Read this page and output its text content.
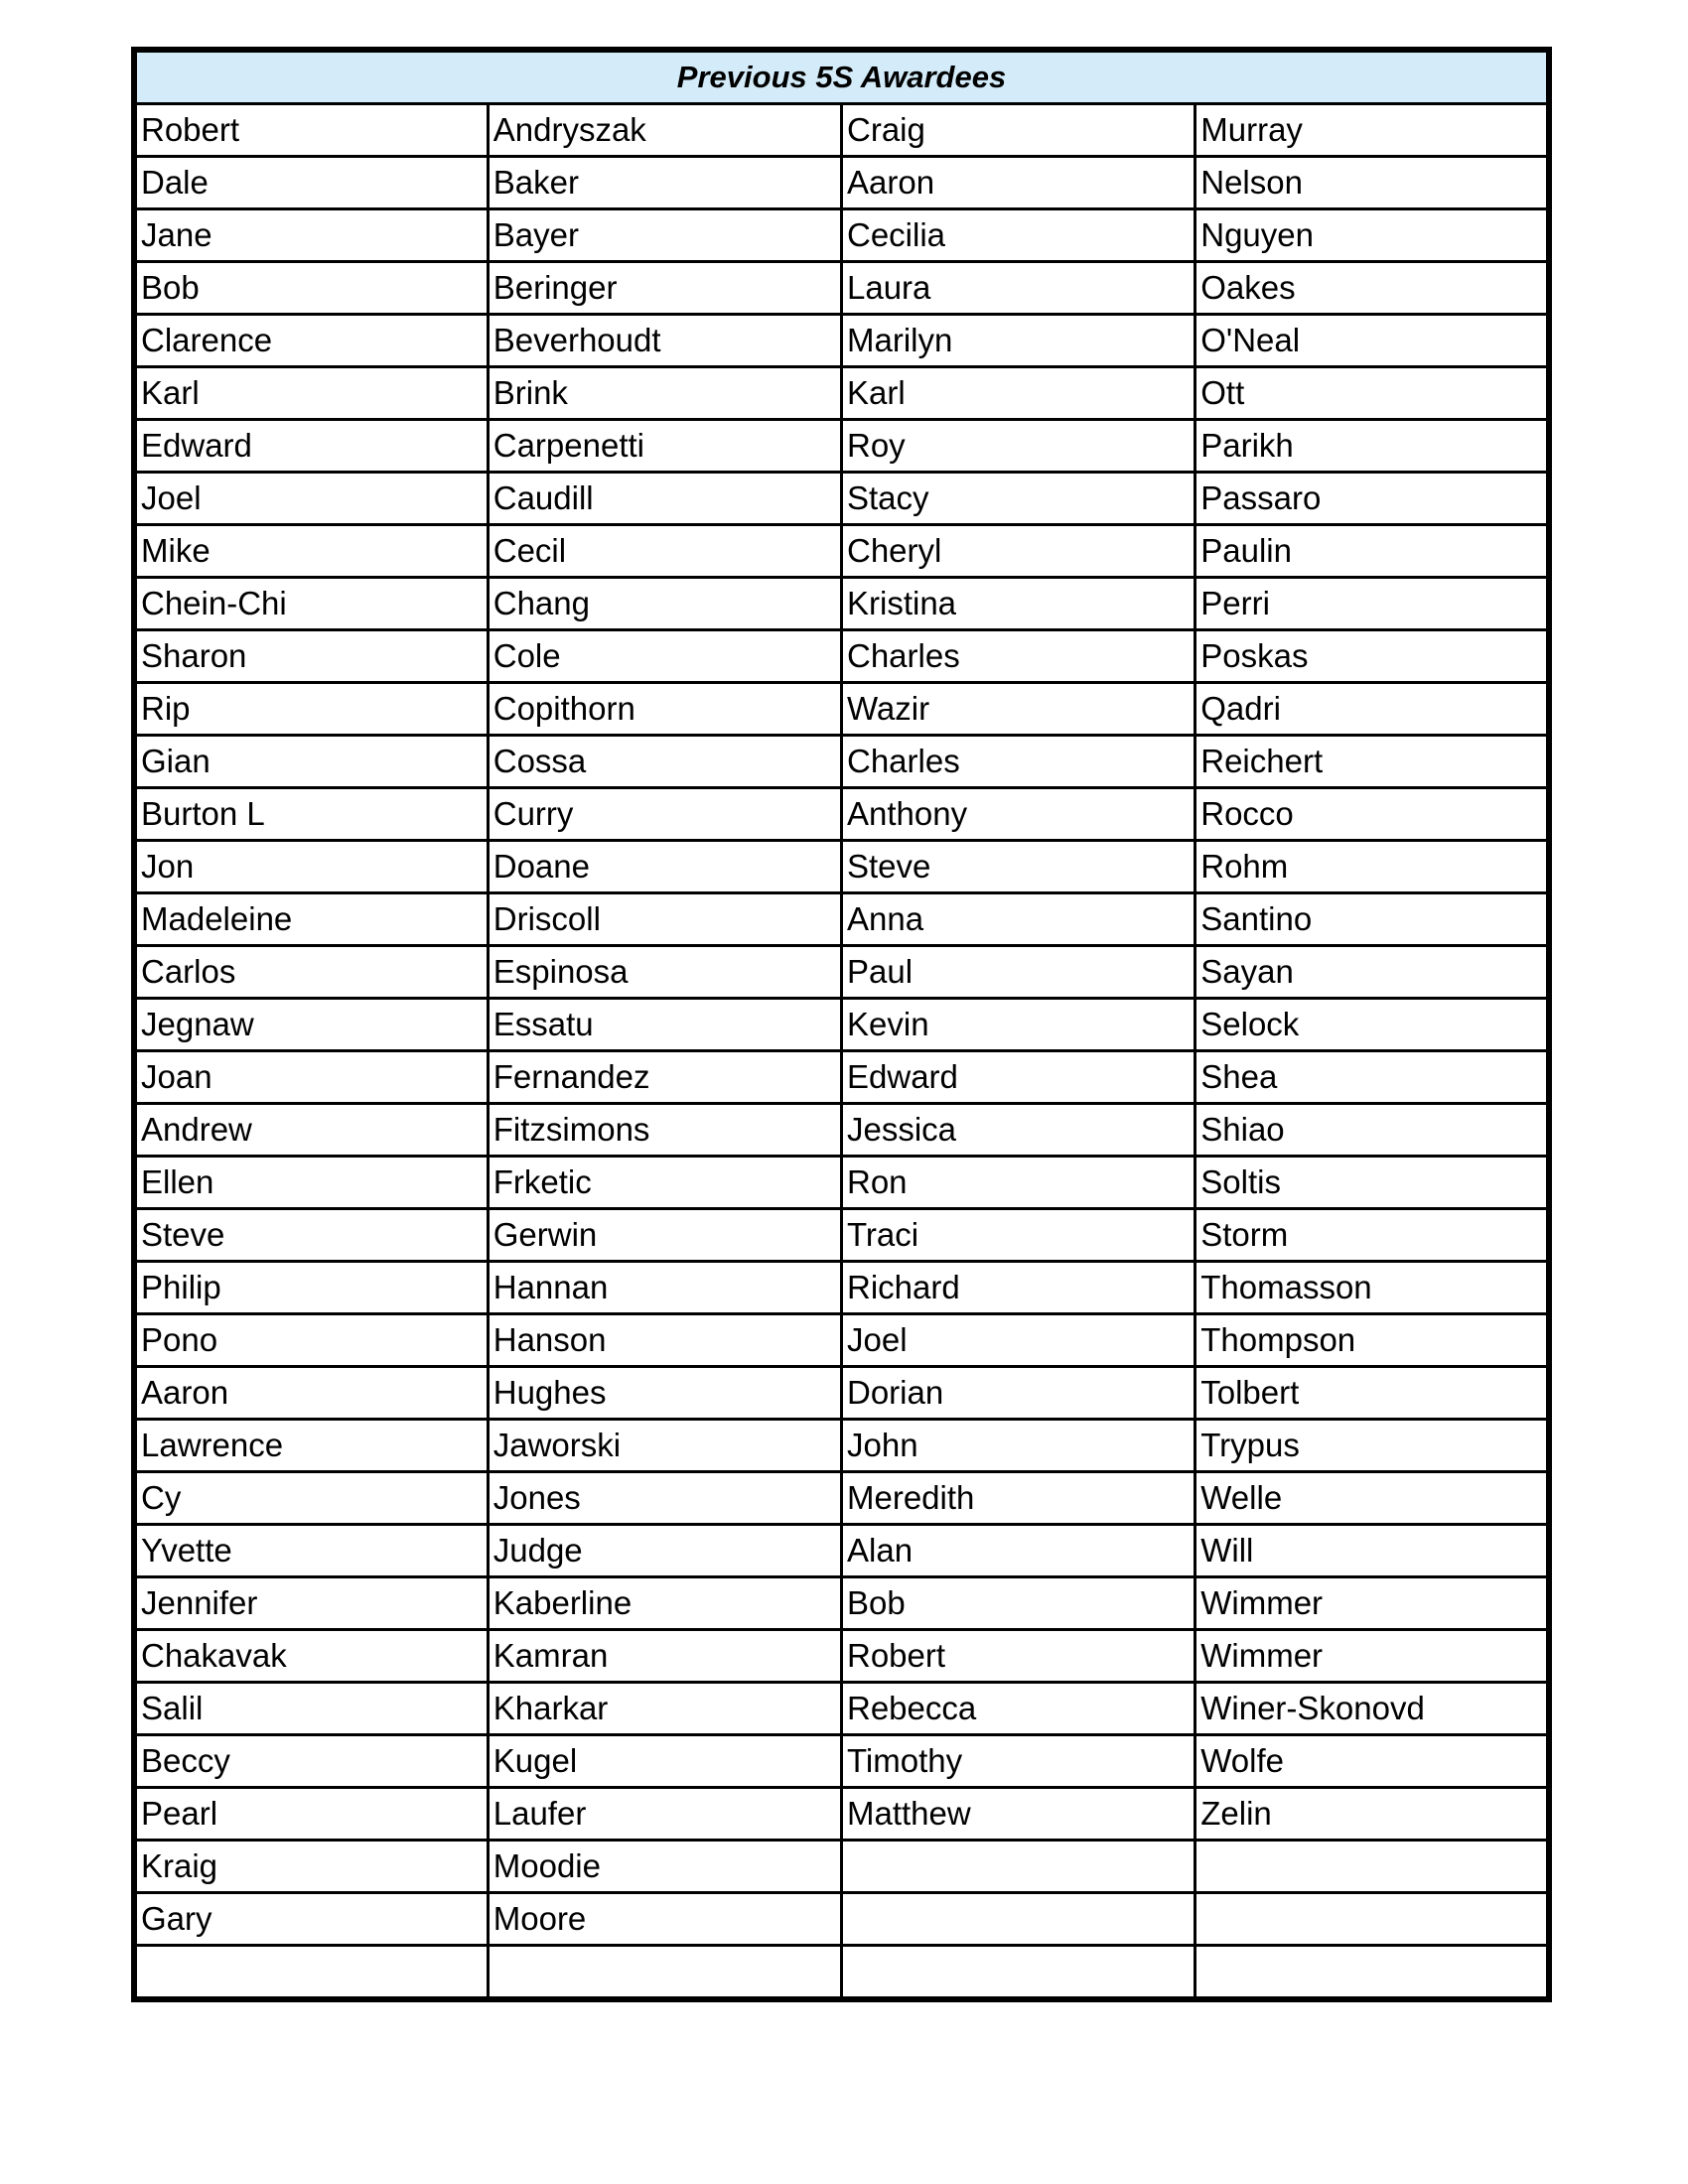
Previous 5S Awardees			
Robert	Andryszak	Craig	Murray
Dale	Baker	Aaron	Nelson
Jane	Bayer	Cecilia	Nguyen
Bob	Beringer	Laura	Oakes
Clarence	Beverhoudt	Marilyn	O'Neal
Karl	Brink	Karl	Ott
Edward	Carpenetti	Roy	Parikh
Joel	Caudill	Stacy	Passaro
Mike	Cecil	Cheryl	Paulin
Chein-Chi	Chang	Kristina	Perri
Sharon	Cole	Charles	Poskas
Rip	Copithorn	Wazir	Qadri
Gian	Cossa	Charles	Reichert
Burton L	Curry	Anthony	Rocco
Jon	Doane	Steve	Rohm
Madeleine	Driscoll	Anna	Santino
Carlos	Espinosa	Paul	Sayan
Jegnaw	Essatu	Kevin	Selock
Joan	Fernandez	Edward	Shea
Andrew	Fitzsimons	Jessica	Shiao
Ellen	Frketic	Ron	Soltis
Steve	Gerwin	Traci	Storm
Philip	Hannan	Richard	Thomasson
Pono	Hanson	Joel	Thompson
Aaron	Hughes	Dorian	Tolbert
Lawrence	Jaworski	John	Trypus
Cy	Jones	Meredith	Welle
Yvette	Judge	Alan	Will
Jennifer	Kaberline	Bob	Wimmer
Chakavak	Kamran	Robert	Wimmer
Salil	Kharkar	Rebecca	Winer-Skonovd
Beccy	Kugel	Timothy	Wolfe
Pearl	Laufer	Matthew	Zelin
Kraig	Moodie		
Gary	Moore		
